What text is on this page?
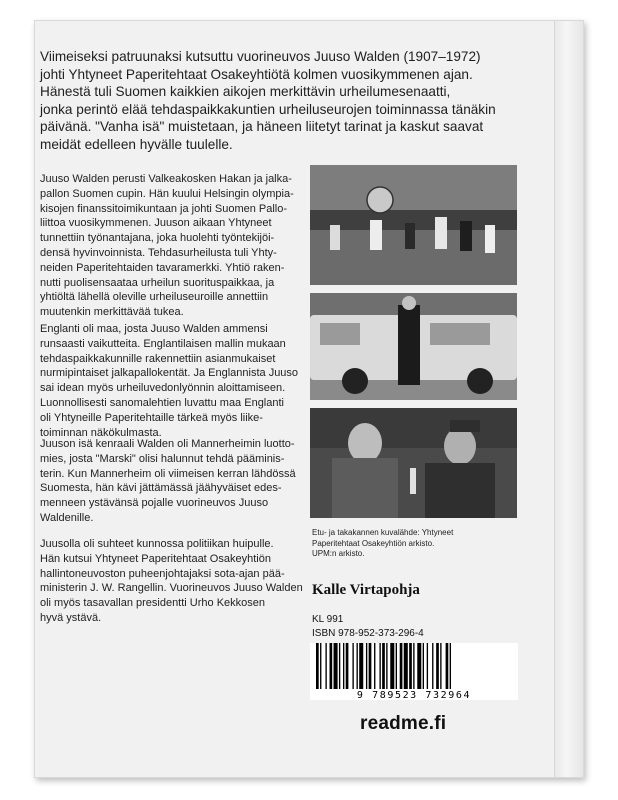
Viimeiseksi patruunaksi kutsuttu vuorineuvos Juuso Walden (1907–1972)
johti Yhtyneet Paperitehtaat Osakeyhtiötä kolmen vuosikymmenen ajan.
Hänestä tuli Suomen kaikkien aikojen merkittävin urheilumesenaatti,
jonka perintö elää tehdaspaikkakuntien urheiluseurojen toiminnassa tänäkin
päivänä. "Vanha isä" muistetaan, ja häneen liitetyt tarinat ja kaskut saavat
meidät edelleen hyvälle tuulelle.
Juuso Walden perusti Valkeakosken Hakan ja jalka-
pallon Suomen cupin. Hän kuului Helsingin olympia-
kisojen finanssitoimikuntaan ja johti Suomen Pallo-
liittoa vuosikymmenen. Juuson aikaan Yhtyneet
tunnettiin työnantajana, joka huolehti työntekijöi-
densä hyvinvoinnista. Tehdasurheilusta tuli Yhty-
neiden Paperitehtaiden tavaramerkki. Yhtiö raken-
nutti puolisensaataa urheilun suorituspaikkaa, ja
yhtiöltä lähellä oleville urheiluseuroille annettiin
muutenkin merkittävää tukea.
Englanti oli maa, josta Juuso Walden ammensi
runsaasti vaikutteita. Englantilaisen mallin mukaan
tehdaspaikkakunnille rakennettiin asianmukaiset
nurmipintaiset jalkapallokentät. Ja Englannista Juuso
sai idean myös urheiluvedonlyönnin aloittamiseen.
Luonnollisesti sanomalehtien luvattu maa Englanti
oli Yhtyneille Paperitehtaille tärkeä myös liike-
toiminnan näkökulmasta.
Juuson isä kenraali Walden oli Mannerheimin luotto-
mies, josta "Marski" olisi halunnut tehdä pääminis-
terin. Kun Mannerheim oli viimeisen kerran lähdössä
Suomesta, hän kävi jättämässä jäähyväiset edes-
menneen ystävänsä pojalle vuorineuvos Juuso
Waldenille.
Juusolla oli suhteet kunnossa politiikan huipulle.
Hän kutsui Yhtyneet Paperitehtaat Osakeyhtiön
hallintoneuvoston puheenjohtajaksi sota-ajan pää-
ministerin J. W. Rangellin. Vuorineuvos Juuso Walden
oli myös tasavallan presidentti Urho Kekkosen
hyvä ystävä.
Etu- ja takakannen kuvalähde: Yhtyneet
Paperitehtaat Osakeyhtiön arkisto.
UPM:n arkisto.
Kalle Virtapohja
KL 991
ISBN 978-952-373-296-4
9 789523 732964
readme.fi
